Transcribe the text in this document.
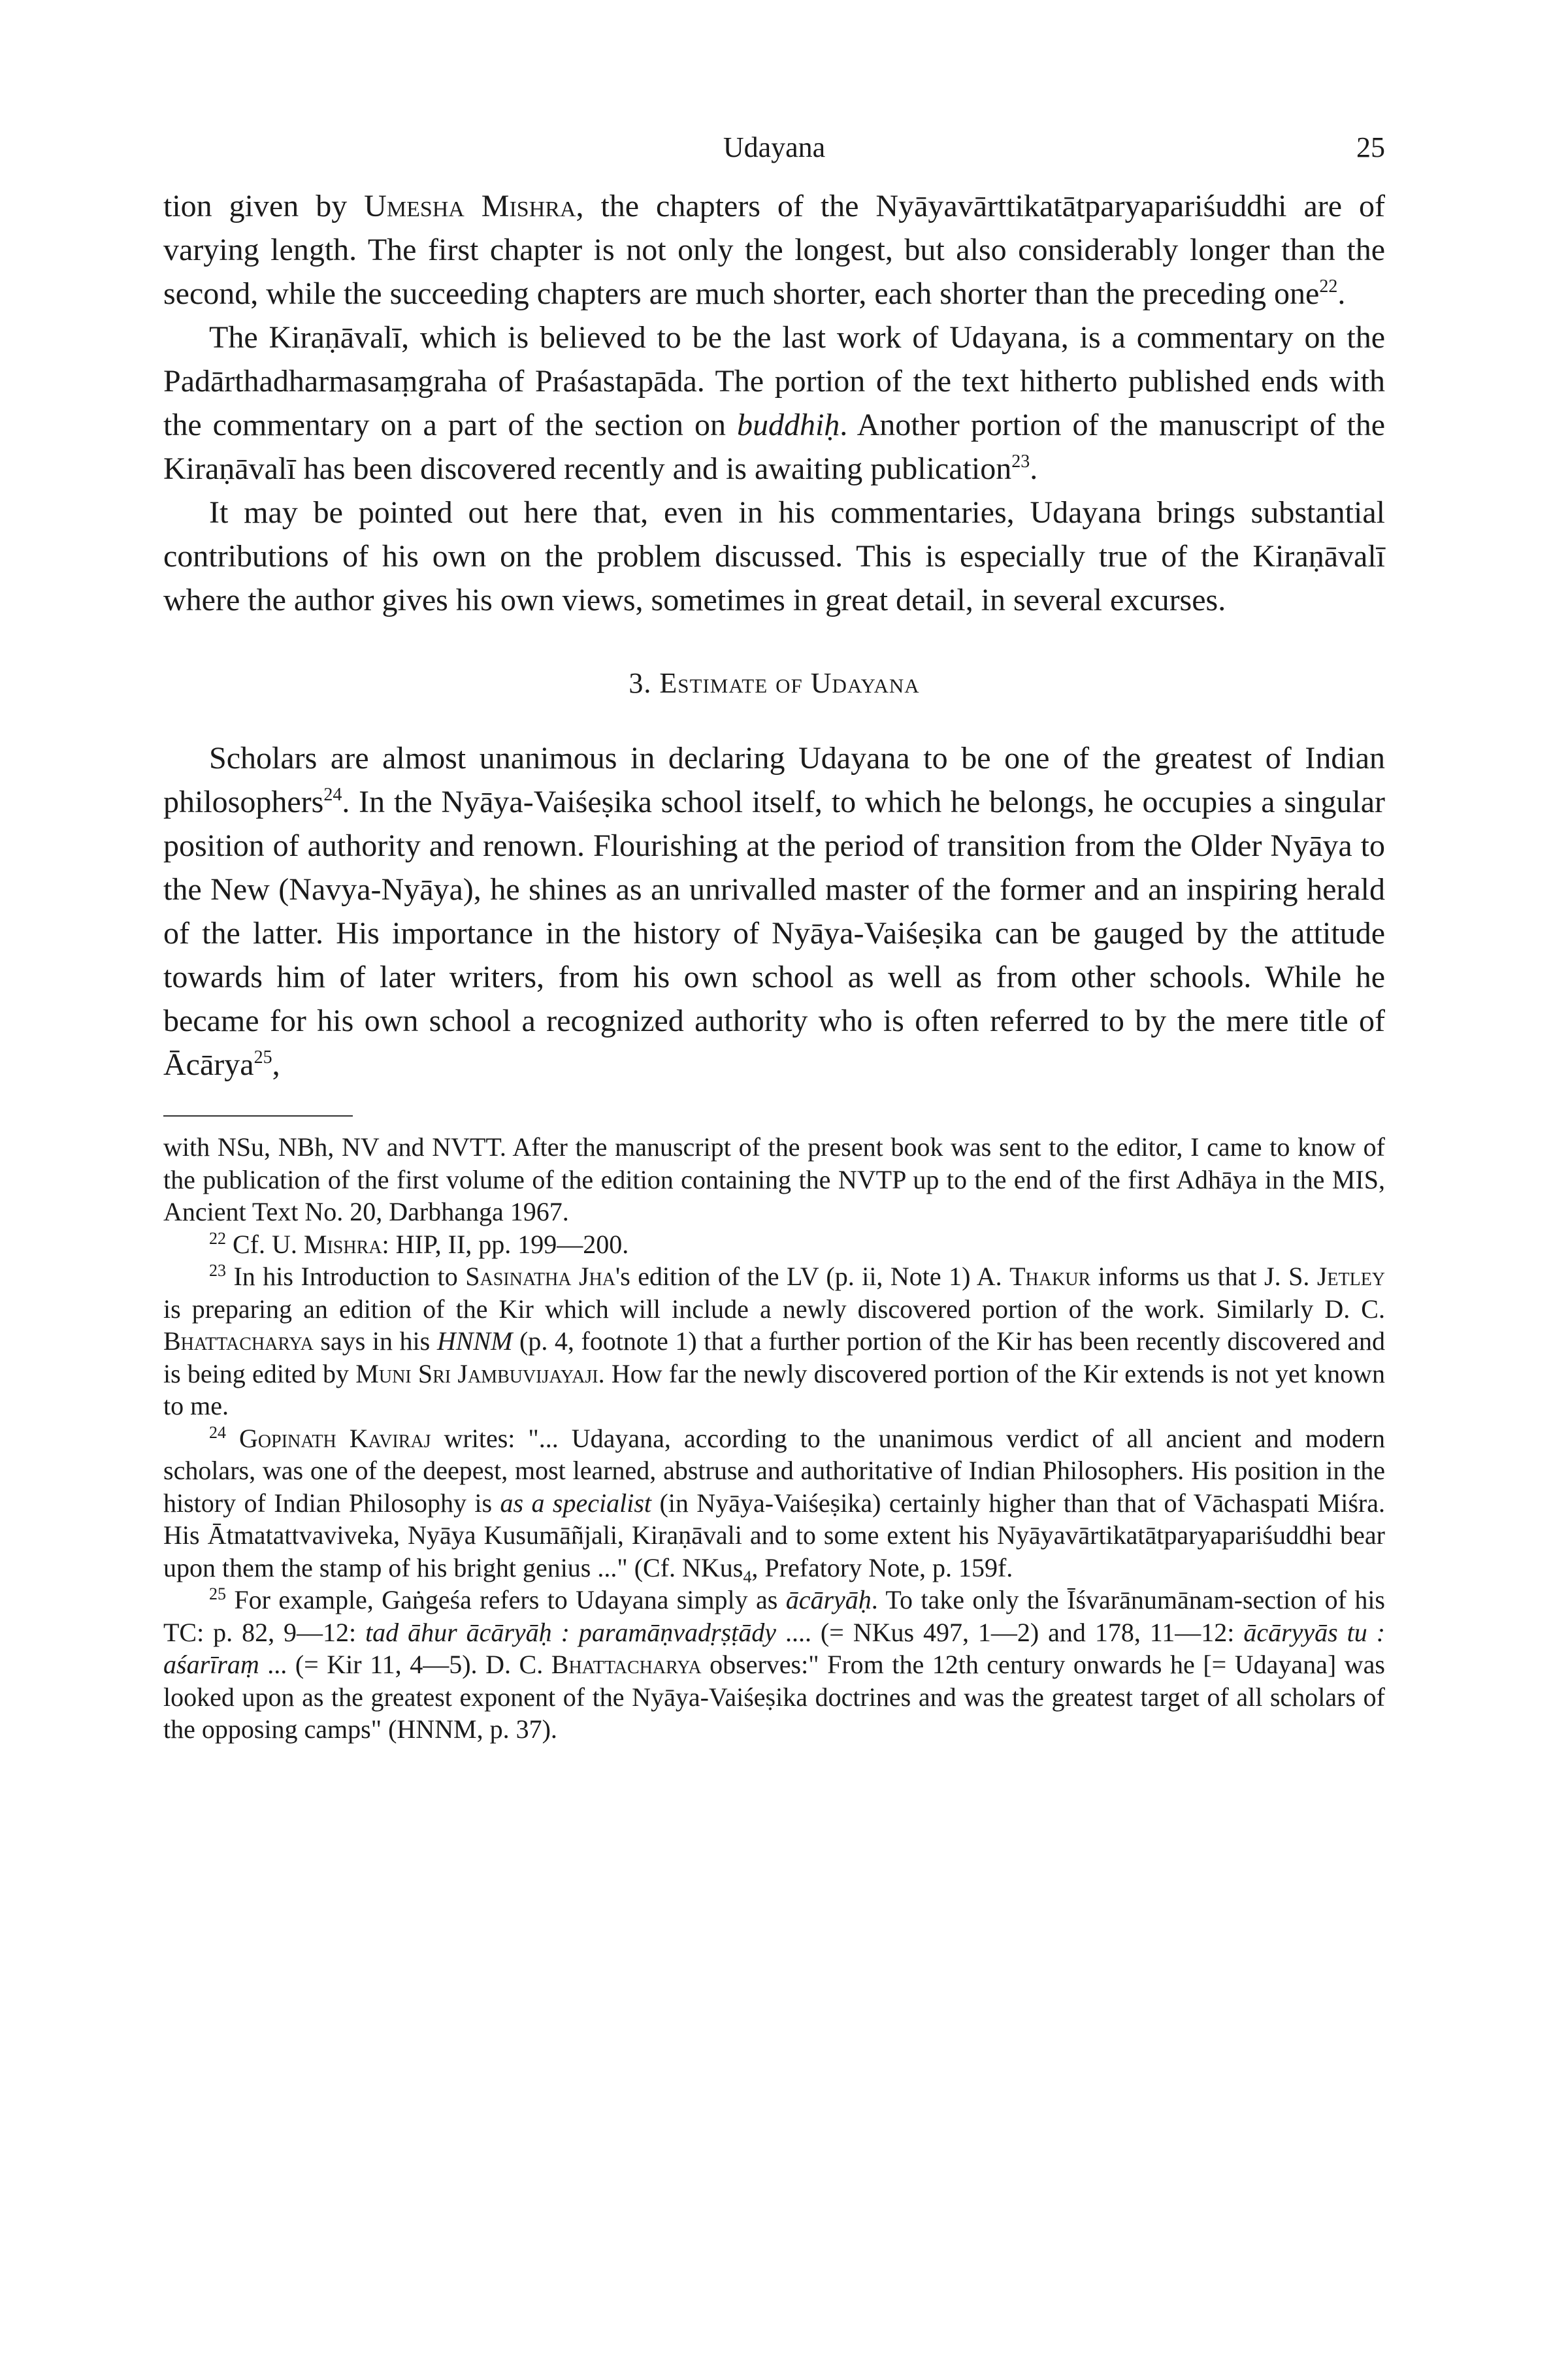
Udayana	25

tion given by Umesha Mishra, the chapters of the Nyāyavārttikatātparyapariśuddhi are of varying length. The first chapter is not only the longest, but also considerably longer than the second, while the succeeding chapters are much shorter, each shorter than the preceding one$^{22}$.

The Kiraṇāvalī, which is believed to be the last work of Udayana, is a commentary on the Padārthadharmasaṃgraha of Praśastapāda. The portion of the text hitherto published ends with the commentary on a part of the section on buddhiḥ. Another portion of the manuscript of the Kiraṇāvalī has been discovered recently and is awaiting publication$^{23}$.

It may be pointed out here that, even in his commentaries, Udayana brings substantial contributions of his own on the problem discussed. This is especially true of the Kiraṇāvalī where the author gives his own views, sometimes in great detail, in several excurses.

3. Estimate of Udayana

Scholars are almost unanimous in declaring Udayana to be one of the greatest of Indian philosophers$^{24}$. In the Nyāya-Vaiśeṣika school itself, to which he belongs, he occupies a singular position of authority and renown. Flourishing at the period of transition from the Older Nyāya to the New (Navya-Nyāya), he shines as an unrivalled master of the former and an inspiring herald of the latter. His importance in the history of Nyāya-Vaiśeṣika can be gauged by the attitude towards him of later writers, from his own school as well as from other schools. While he became for his own school a recognized authority who is often referred to by the mere title of Ācārya$^{25}$,

with NSu, NBh, NV and NVTT. After the manuscript of the present book was sent to the editor, I came to know of the publication of the first volume of the edition containing the NVTP up to the end of the first Adhāya in the MIS, Ancient Text No. 20, Darbhanga 1967.

$^{22}$ Cf. U. Mishra: HIP, II, pp. 199—200.

$^{23}$ In his Introduction to Sasinatha Jha's edition of the LV (p. ii, Note 1) A. Thakur informs us that J. S. Jetley is preparing an edition of the Kir which will include a newly discovered portion of the work. Similarly D. C. Bhattacharya says in his HNNM (p. 4, footnote 1) that a further portion of the Kir has been recently discovered and is being edited by Muni Sri Jambuvijayaji. How far the newly discovered portion of the Kir extends is not yet known to me.

$^{24}$ Gopinath Kaviraj writes: "... Udayana, according to the unanimous verdict of all ancient and modern scholars, was one of the deepest, most learned, abstruse and authoritative of Indian Philosophers. His position in the history of Indian Philosophy is as a specialist (in Nyāya-Vaiśeṣika) certainly higher than that of Vāchaspati Miśra. His Ātmatattvaviveka, Nyāya Kusumāñjali, Kiraṇāvali and to some extent his Nyāyavārtikatātparyapariśuddhi bear upon them the stamp of his bright genius ..." (Cf. NKus$_4$, Prefatory Note, p. 159f.

$^{25}$ For example, Gaṅgeśa refers to Udayana simply as ācāryāḥ. To take only the Īśvarānumānam-section of his TC: p. 82, 9—12: tad āhur ācāryāḥ : paramāṇvadṛṣṭādy .... (= NKus 497, 1—2) and 178, 11—12: ācāryyās tu : aśarīraṃ ... (= Kir 11, 4—5). D. C. Bhattacharya observes:" From the 12th century onwards he [= Udayana] was looked upon as the greatest exponent of the Nyāya-Vaiśeṣika doctrines and was the greatest target of all scholars of the opposing camps" (HNNM, p. 37).
